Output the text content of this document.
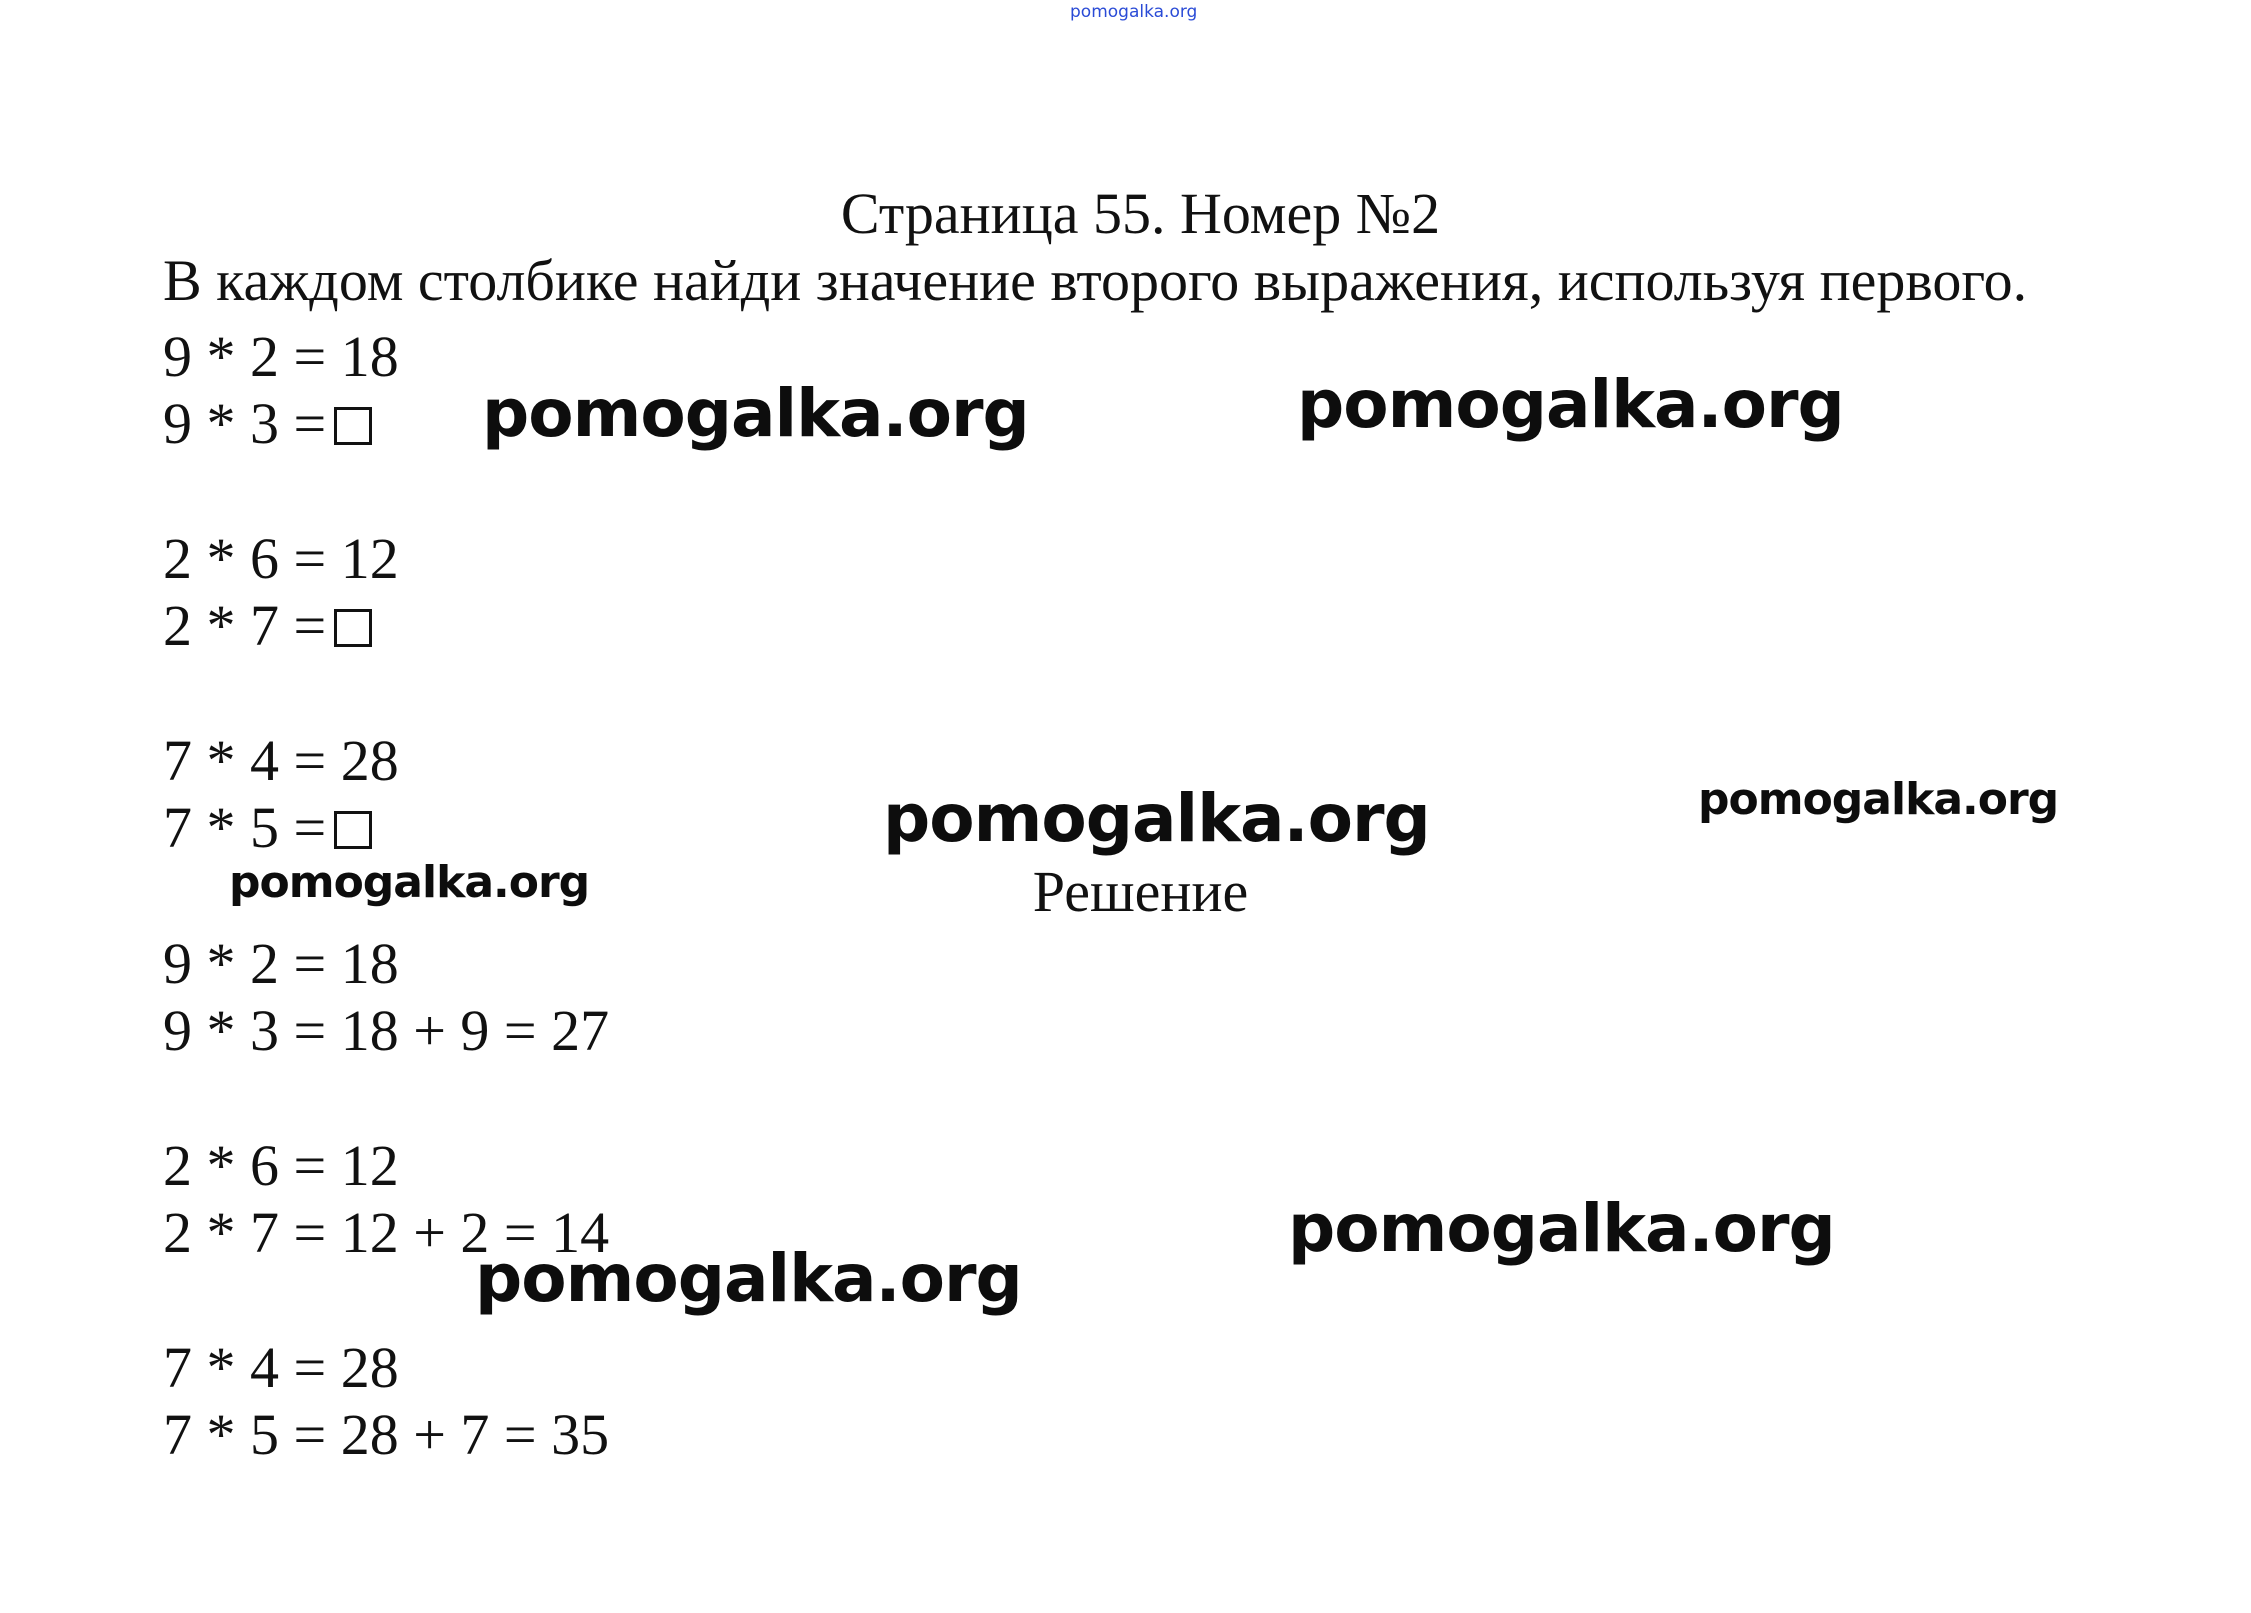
pomogalka.org
Страница 55. Номер №2
В каждом столбике найди значение второго выражения, используя первого.
9 * 2 = 18
9 * 3 =
2 * 6 = 12
2 * 7 =
7 * 4 = 28
7 * 5 =
Решение
9 * 2 = 18
9 * 3 = 18 + 9 = 27
2 * 6 = 12
2 * 7 = 12 + 2 = 14
7 * 4 = 28
7 * 5 = 28 + 7 = 35
pomogalka.org	pomogalka.org
pomogalka.org	pomogalka.org
pomogalka.org
pomogalka.org
pomogalka.org
